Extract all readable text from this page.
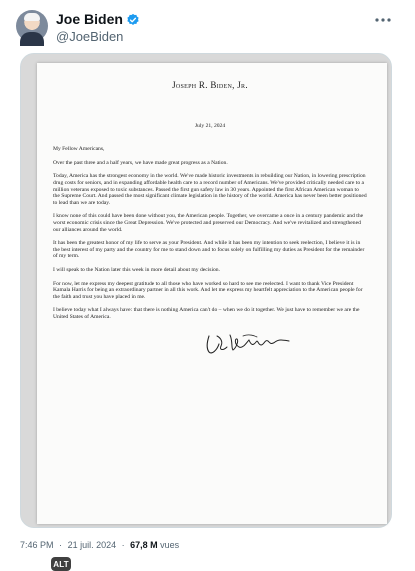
Joe Biden
@JoeBiden
Joseph R. Biden, Jr.
July 21, 2024
My Fellow Americans,
Over the past three and a half years, we have made great progress as a Nation.
Today, America has the strongest economy in the world. We've made historic investments in rebuilding our Nation, in lowering prescription drug costs for seniors, and in expanding affordable health care to a record number of Americans. We've provided critically needed care to a million veterans exposed to toxic substances. Passed the first gun safety law in 30 years. Appointed the first African American woman to the Supreme Court. And passed the most significant climate legislation in the history of the world. America has never been better positioned to lead than we are today.
I know none of this could have been done without you, the American people. Together, we overcame a once in a century pandemic and the worst economic crisis since the Great Depression. We've protected and preserved our Democracy. And we've revitalized and strengthened our alliances around the world.
It has been the greatest honor of my life to serve as your President. And while it has been my intention to seek reelection, I believe it is in the best interest of my party and the country for me to stand down and to focus solely on fulfilling my duties as President for the remainder of my term.
I will speak to the Nation later this week in more detail about my decision.
For now, let me express my deepest gratitude to all those who have worked so hard to see me reelected. I want to thank Vice President Kamala Harris for being an extraordinary partner in all this work. And let me express my heartfelt appreciation to the American people for the faith and trust you have placed in me.
I believe today what I always have: that there is nothing America can't do – when we do it together. We just have to remember we are the United States of America.
ALT
7:46 PM · 21 juil. 2024 · 67,8 M vues
